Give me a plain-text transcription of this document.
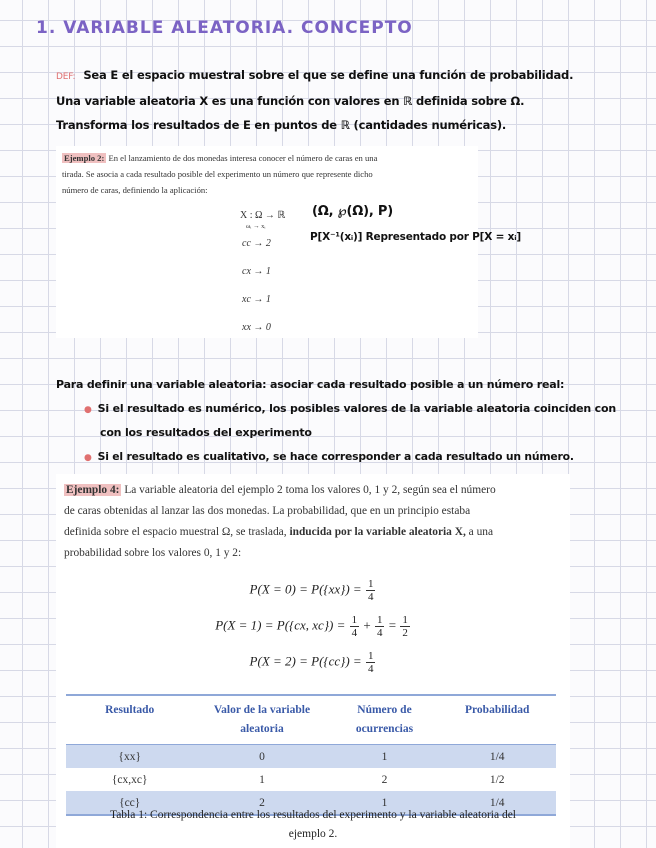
1. VARIABLE ALEATORIA. CONCEPTO
DEF: Sea E el espacio muestral sobre el que se define una función de probabilidad.
Una variable aleatoria X es una función con valores en ℝ definida sobre Ω.
Transforma los resultados de E en puntos de ℝ (cantidades numéricas).
Ejemplo 2: En el lanzamiento de dos monedas interesa conocer el número de caras en una
tirada. Se asocia a cada resultado posible del experimento un número que represente dicho
número de caras, definiendo la aplicación:
X : Ω → ℝ
ωᵢ → xᵢ
cc → 2
cx → 1
xc → 1
xx → 0
(Ω, ℘(Ω), P)
P[X⁻¹(xᵢ)] Representado por P[X = xᵢ]
Para definir una variable aleatoria: asociar cada resultado posible a un número real:
● Si el resultado es numérico, los posibles valores de la variable aleatoria coinciden con
con los resultados del experimento
● Si el resultado es cualitativo, se hace corresponder a cada resultado un número.
Ejemplo 4: La variable aleatoria del ejemplo 2 toma los valores 0, 1 y 2, según sea el número
de caras obtenidas al lanzar las dos monedas. La probabilidad, que en un principio estaba
definida sobre el espacio muestral Ω, se traslada, inducida por la variable aleatoria X, a una
probabilidad sobre los valores 0, 1 y 2:
$P(X = 0) = P(\{xx\}) = \frac{1}{4}$
P(X = 1) = P({cx, $xc\}) = \frac{1}{4} + \frac{1}{4} = \frac{1}{2}$
$P(X = 2) = P(\{cc\}) = \frac{1}{4}$
Resultado	Valor de la variable aleatoria	Número de ocurrencias	Probabilidad
{xx}	0	1	1/4
{cx,xc}	1	2	1/2
{cc}	2	1	1/4
Tabla 1: Correspondencia entre los resultados del experimento y la variable aleatoria del
ejemplo 2.
